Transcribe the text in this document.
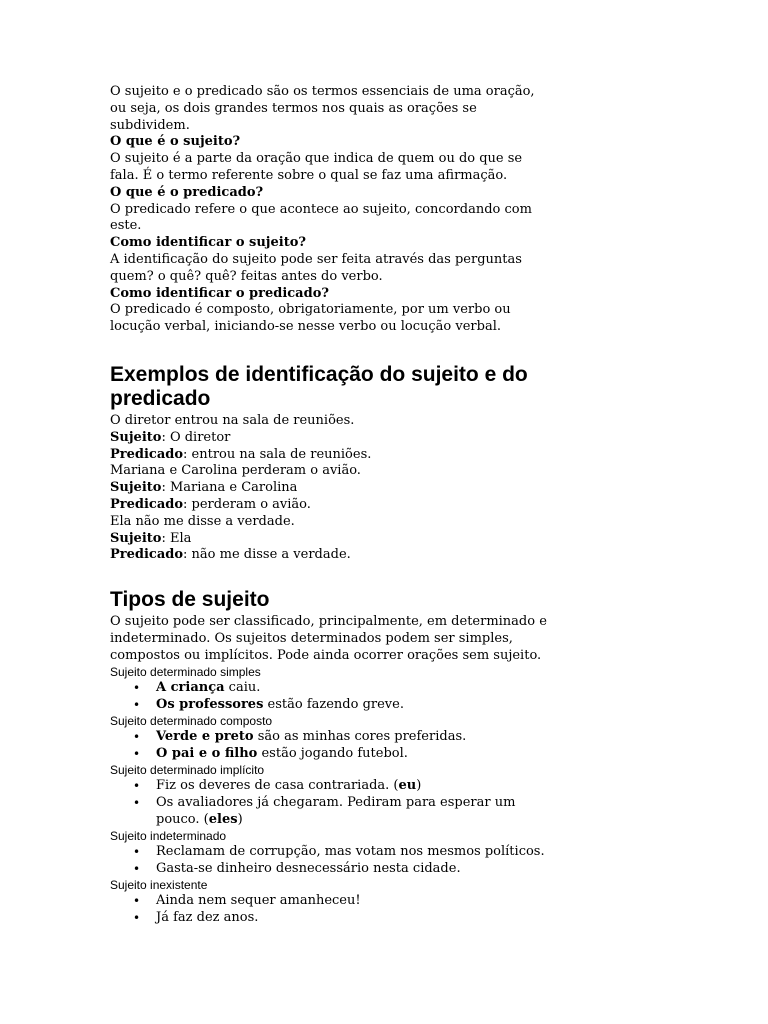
O sujeito e o predicado são os termos essenciais de uma oração, ou seja, os dois grandes termos nos quais as orações se subdividem.

O que é o sujeito?

O sujeito é a parte da oração que indica de quem ou do que se fala. É o termo referente sobre o qual se faz uma afirmação.

O que é o predicado?

O predicado refere o que acontece ao sujeito, concordando com este.

Como identificar o sujeito?

A identificação do sujeito pode ser feita através das perguntas quem? o quê? quê? feitas antes do verbo.

Como identificar o predicado?

O predicado é composto, obrigatoriamente, por um verbo ou locução verbal, iniciando-se nesse verbo ou locução verbal.

Exemplos de identificação do sujeito e do predicado

O diretor entrou na sala de reuniões.

Sujeito: O diretor

Predicado: entrou na sala de reuniões.

Mariana e Carolina perderam o avião.

Sujeito: Mariana e Carolina

Predicado: perderam o avião.

Ela não me disse a verdade.

Sujeito: Ela

Predicado: não me disse a verdade.

Tipos de sujeito

O sujeito pode ser classificado, principalmente, em determinado e indeterminado. Os sujeitos determinados podem ser simples, compostos ou implícitos. Pode ainda ocorrer orações sem sujeito.

Sujeito determinado simples

• A criança caiu.
• Os professores estão fazendo greve.

Sujeito determinado composto

• Verde e preto são as minhas cores preferidas.
• O pai e o filho estão jogando futebol.

Sujeito determinado implícito

• Fiz os deveres de casa contrariada. (eu)
• Os avaliadores já chegaram. Pediram para esperar um pouco. (eles)

Sujeito indeterminado

• Reclamam de corrupção, mas votam nos mesmos políticos.
• Gasta-se dinheiro desnecessário nesta cidade.

Sujeito inexistente

• Ainda nem sequer amanheceu!
• Já faz dez anos.
